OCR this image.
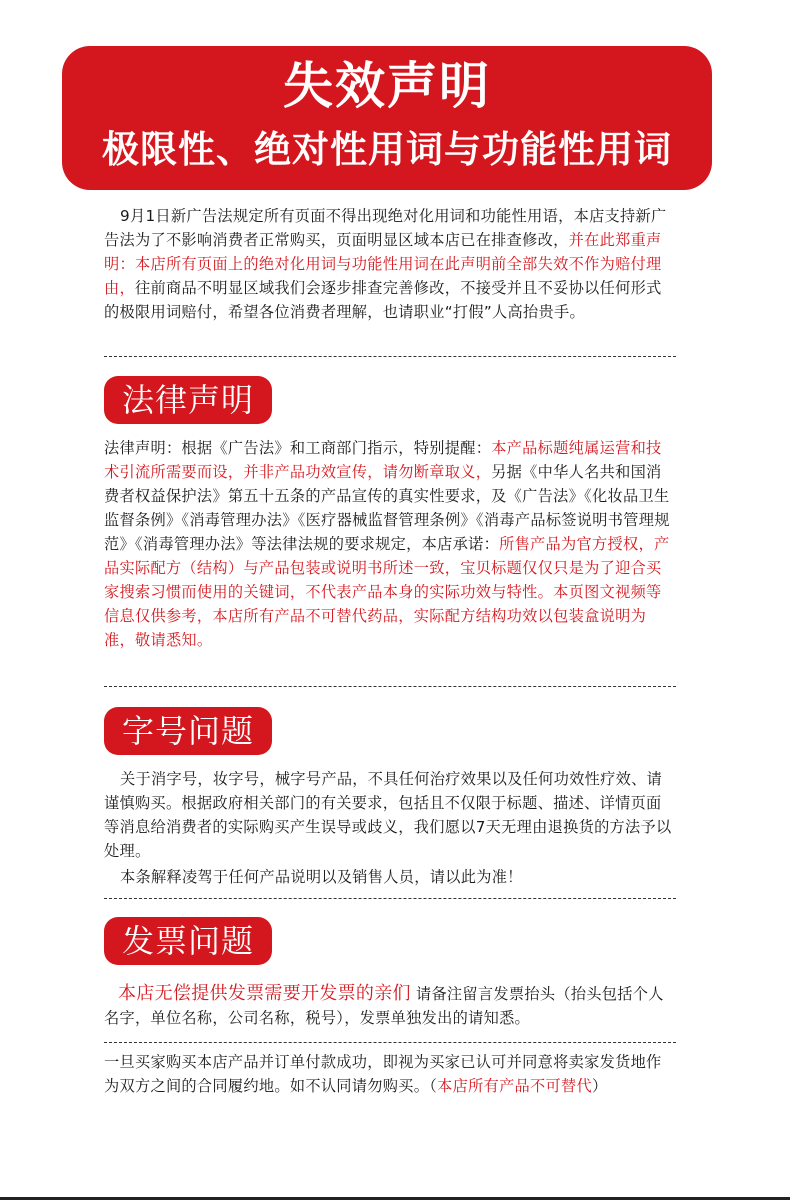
失效声明
极限性、绝对性用词与功能性用词

9月1日新广告法规定所有页面不得出现绝对化用词和功能性用语，本店支持新广告法为了不影响消费者正常购买，页面明显区域本店已在排查修改，并在此郑重声明：本店所有页面上的绝对化用词与功能性用词在此声明前全部失效不作为赔付理由，往前商品不明显区域我们会逐步排查完善修改，不接受并且不妥协以任何形式的极限用词赔付，希望各位消费者理解，也请职业“打假”人高抬贵手。

法律声明

法律声明：根据《广告法》和工商部门指示，特别提醒：本产品标题纯属运营和技术引流所需要而设，并非产品功效宣传，请勿断章取义，另据《中华人名共和国消费者权益保护法》第五十五条的产品宣传的真实性要求，及《广告法》《化妆品卫生监督条例》《消毒管理办法》《医疗器械监督管理条例》《消毒产品标签说明书管理规范》《消毒管理办法》等法律法规的要求规定，本店承诺：所售产品为官方授权，产品实际配方（结构）与产品包装或说明书所述一致，宝贝标题仅仅只是为了迎合买家搜索习惯而使用的关键词，不代表产品本身的实际功效与特性。本页图文视频等信息仅供参考，本店所有产品不可替代药品，实际配方结构功效以包装盒说明为准，敬请悉知。

字号问题

关于消字号，妆字号，械字号产品，不具任何治疗效果以及任何功效性疗效、请谨慎购买。根据政府相关部门的有关要求，包括且不仅限于标题、描述、详情页面等消息给消费者的实际购买产生误导或歧义，我们愿以7天无理由退换货的方法予以处理。

本条解释凌驾于任何产品说明以及销售人员，请以此为准！

发票问题

本店无偿提供发票需要开发票的亲们 请备注留言发票抬头（抬头包括个人名字，单位名称，公司名称，税号），发票单独发出的请知悉。

一旦买家购买本店产品并订单付款成功，即视为买家已认可并同意将卖家发货地作为双方之间的合同履约地。如不认同请勿购买。（本店所有产品不可替代）
